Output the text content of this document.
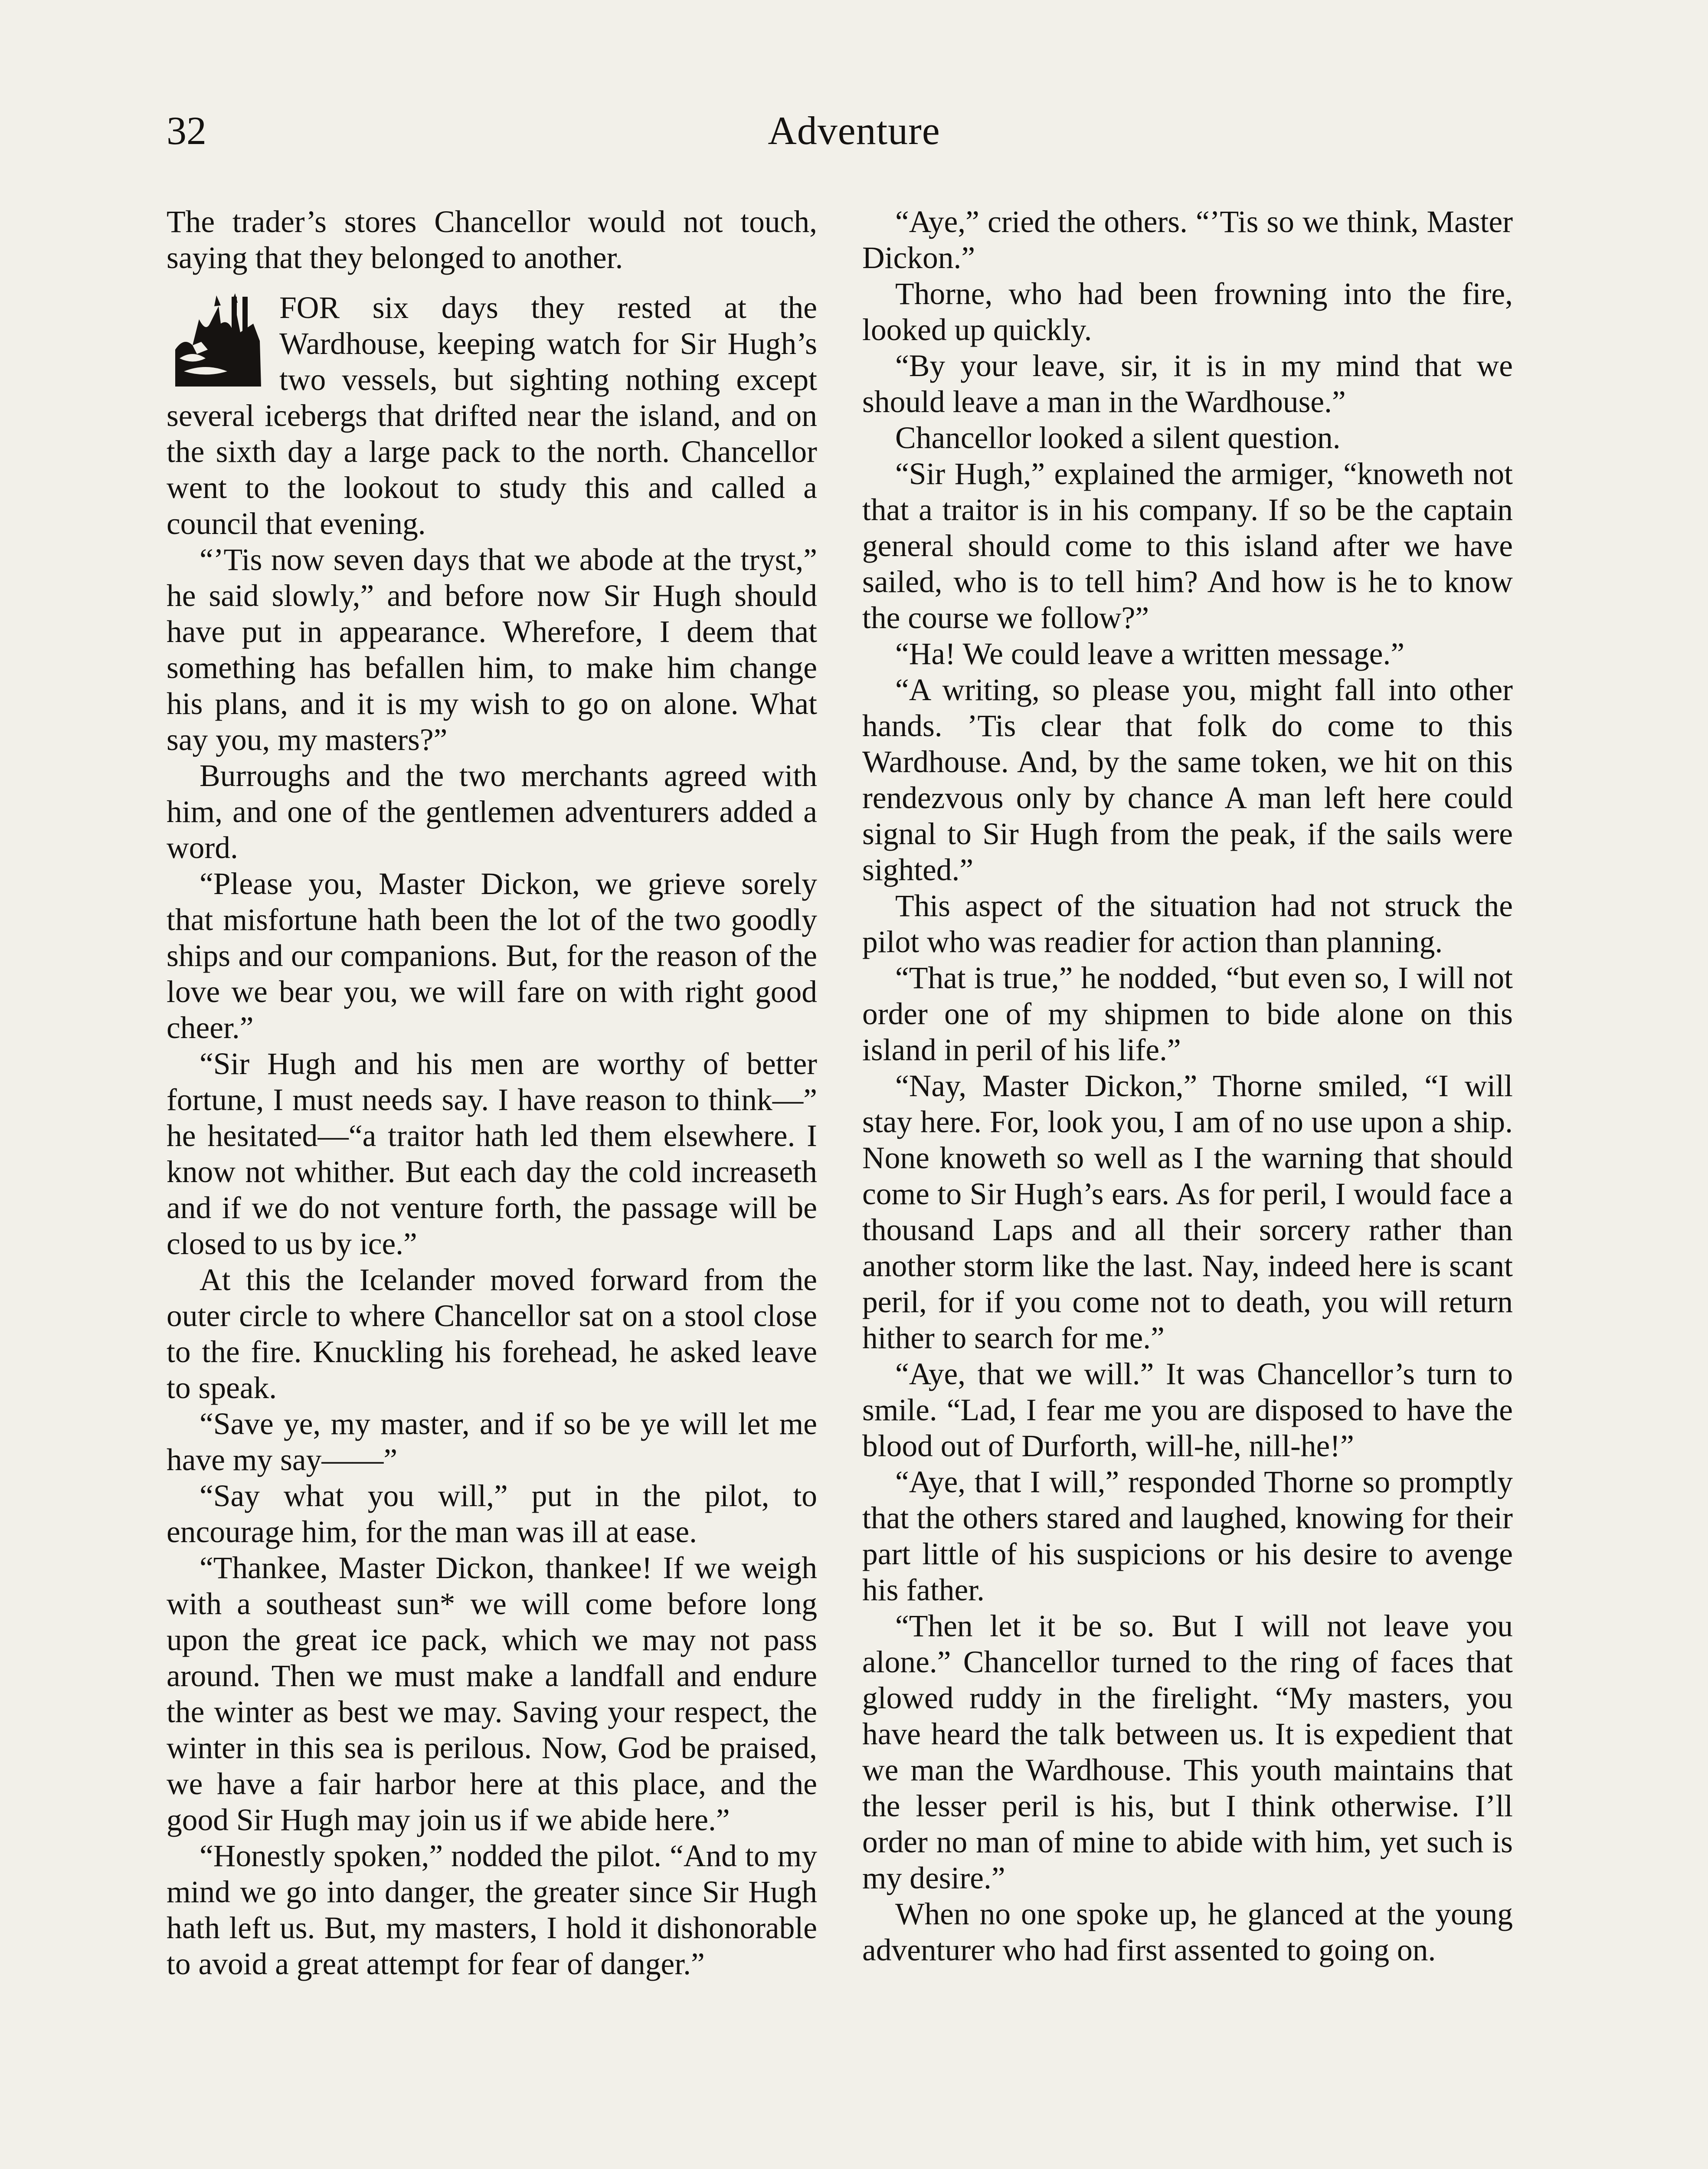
32	Adventure

The trader’s stores Chancellor would not touch, saying that they belonged to another.

FOR six days they rested at the Wardhouse, keeping watch for Sir Hugh’s two vessels, but sighting nothing except several icebergs that drifted near the island, and on the sixth day a large pack to the north. Chancellor went to the lookout to study this and called a council that evening.

“’Tis now seven days that we abode at the tryst,” he said slowly,” and before now Sir Hugh should have put in appearance. Wherefore, I deem that something has befallen him, to make him change his plans, and it is my wish to go on alone. What say you, my masters?”

Burroughs and the two merchants agreed with him, and one of the gentlemen adventurers added a word.

“Please you, Master Dickon, we grieve sorely that misfortune hath been the lot of the two goodly ships and our companions. But, for the reason of the love we bear you, we will fare on with right good cheer.”

“Sir Hugh and his men are worthy of better fortune, I must needs say. I have reason to think—” he hesitated—“a traitor hath led them elsewhere. I know not whither. But each day the cold increaseth and if we do not venture forth, the passage will be closed to us by ice.”

At this the Icelander moved forward from the outer circle to where Chancellor sat on a stool close to the fire. Knuckling his forehead, he asked leave to speak.

“Save ye, my master, and if so be ye will let me have my say——”

“Say what you will,” put in the pilot, to encourage him, for the man was ill at ease.

“Thankee, Master Dickon, thankee! If we weigh with a southeast sun* we will come before long upon the great ice pack, which we may not pass around. Then we must make a landfall and endure the winter as best we may. Saving your respect, the winter in this sea is perilous. Now, God be praised, we have a fair harbor here at this place, and the good Sir Hugh may join us if we abide here.”

“Honestly spoken,” nodded the pilot. “And to my mind we go into danger, the greater since Sir Hugh hath left us. But, my masters, I hold it dishonorable to avoid a great attempt for fear of danger.”

“Aye,” cried the others. “’Tis so we think, Master Dickon.”

Thorne, who had been frowning into the fire, looked up quickly.

“By your leave, sir, it is in my mind that we should leave a man in the Wardhouse.”

Chancellor looked a silent question.

“Sir Hugh,” explained the armiger, “knoweth not that a traitor is in his company. If so be the captain general should come to this island after we have sailed, who is to tell him? And how is he to know the course we follow?”

“Ha! We could leave a written message.”

“A writing, so please you, might fall into other hands. ’Tis clear that folk do come to this Wardhouse. And, by the same token, we hit on this rendezvous only by chance A man left here could signal to Sir Hugh from the peak, if the sails were sighted.”

This aspect of the situation had not struck the pilot who was readier for action than planning.

“That is true,” he nodded, “but even so, I will not order one of my shipmen to bide alone on this island in peril of his life.”

“Nay, Master Dickon,” Thorne smiled, “I will stay here. For, look you, I am of no use upon a ship. None knoweth so well as I the warning that should come to Sir Hugh’s ears. As for peril, I would face a thousand Laps and all their sorcery rather than another storm like the last. Nay, indeed here is scant peril, for if you come not to death, you will return hither to search for me.”

“Aye, that we will.” It was Chancellor’s turn to smile. “Lad, I fear me you are disposed to have the blood out of Durforth, will-he, nill-he!”

“Aye, that I will,” responded Thorne so promptly that the others stared and laughed, knowing for their part little of his suspicions or his desire to avenge his father.

“Then let it be so. But I will not leave you alone.” Chancellor turned to the ring of faces that glowed ruddy in the firelight. “My masters, you have heard the talk between us. It is expedient that we man the Wardhouse. This youth maintains that the lesser peril is his, but I think otherwise. I’ll order no man of mine to abide with him, yet such is my desire.”

When no one spoke up, he glanced at the young adventurer who had first assented to going on.
